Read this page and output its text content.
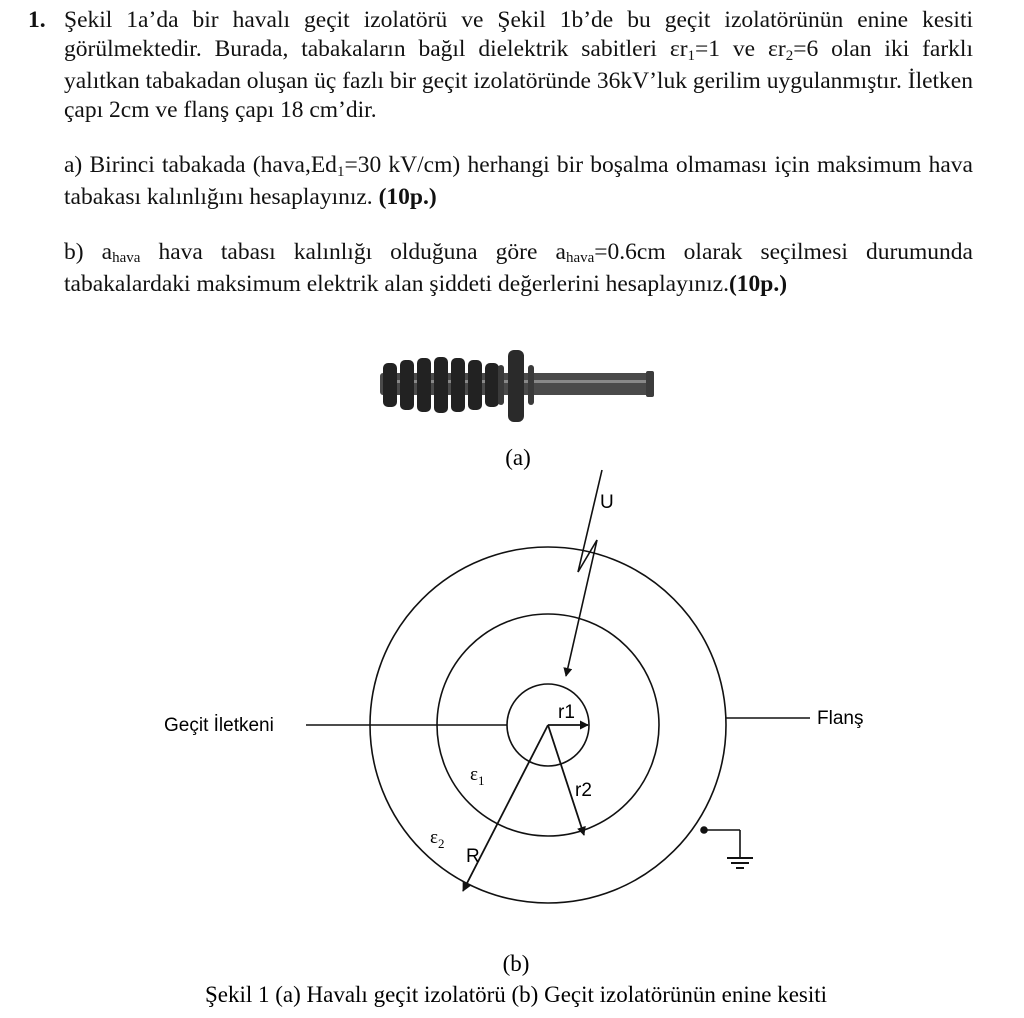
1. Şekil 1a’da bir havalı geçit izolatörü ve Şekil 1b’de bu geçit izolatörünün enine kesiti görülmektedir. Burada, tabakaların bağıl dielektrik sabitleri εr1=1 ve εr2=6 olan iki farklı yalıtkan tabakadan oluşan üç fazlı bir geçit izolatöründe 36kV’luk gerilim uygulanmıştır. İletken çapı 2cm ve flanş çapı 18 cm’dir.
a) Birinci tabakada (hava,Ed1=30 kV/cm) herhangi bir boşalma olmaması için maksimum hava tabakası kalınlığını hesaplayınız. (10p.)
b) ahava hava tabası kalınlığı olduğuna göre ahava=0.6cm olarak seçilmesi durumunda tabakalardaki maksimum elektrik alan şiddeti değerlerini hesaplayınız.(10p.)
(a)
U
Geçit İletkeni	Flanş
r1
r2
R
$\varepsilon_1$
$\varepsilon_2$
(b)
Şekil 1 (a) Havalı geçit izolatörü (b) Geçit izolatörünün enine kesiti
